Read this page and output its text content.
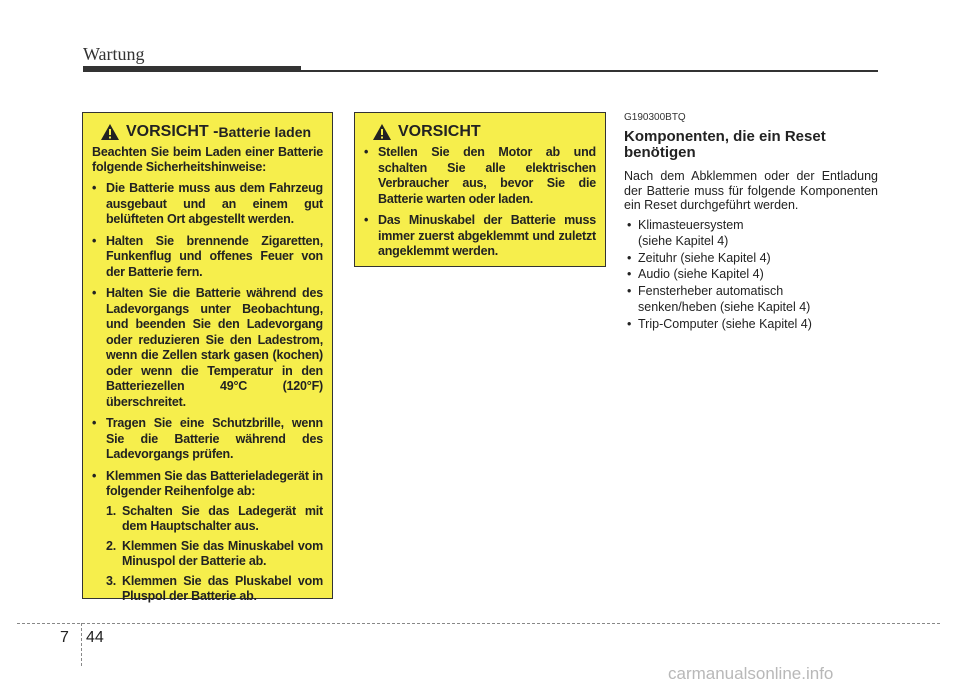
Wartung
VORSICHT - Batterie laden

Beachten Sie beim Laden einer Batterie folgende Sicherheitshinweise:

• Die Batterie muss aus dem Fahrzeug ausgebaut und an einem gut belüfteten Ort abgestellt werden.
• Halten Sie brennende Zigaretten, Funkenflug und offenes Feuer von der Batterie fern.
• Halten Sie die Batterie während des Ladevorgangs unter Beobachtung, und beenden Sie den Ladevorgang oder reduzieren Sie den Ladestrom, wenn die Zellen stark gasen (kochen) oder wenn die Temperatur in den Batteriezellen 49°C (120°F) überschreitet.
• Tragen Sie eine Schutzbrille, wenn Sie die Batterie während des Ladevorgangs prüfen.
• Klemmen Sie das Batterieladegerät in folgender Reihenfolge ab:
1. Schalten Sie das Ladegerät mit dem Hauptschalter aus.
2. Klemmen Sie das Minuskabel vom Minuspol der Batterie ab.
3. Klemmen Sie das Pluskabel vom Pluspol der Batterie ab.
VORSICHT
• Stellen Sie den Motor ab und schalten Sie alle elektrischen Verbraucher aus, bevor Sie die Batterie warten oder laden.
• Das Minuskabel der Batterie muss immer zuerst abgeklemmt und zuletzt angeklemmt werden.
G190300BTQ
Komponenten, die ein Reset benötigen
Nach dem Abklemmen oder der Entladung der Batterie muss für folgende Komponenten ein Reset durchgeführt werden.
• Klimasteuersystem
(siehe Kapitel 4)
• Zeituhr (siehe Kapitel 4)
• Audio (siehe Kapitel 4)
• Fensterheber automatisch
senken/heben (siehe Kapitel 4)
• Trip-Computer (siehe Kapitel 4)
7 44
carmanualsonline.info
